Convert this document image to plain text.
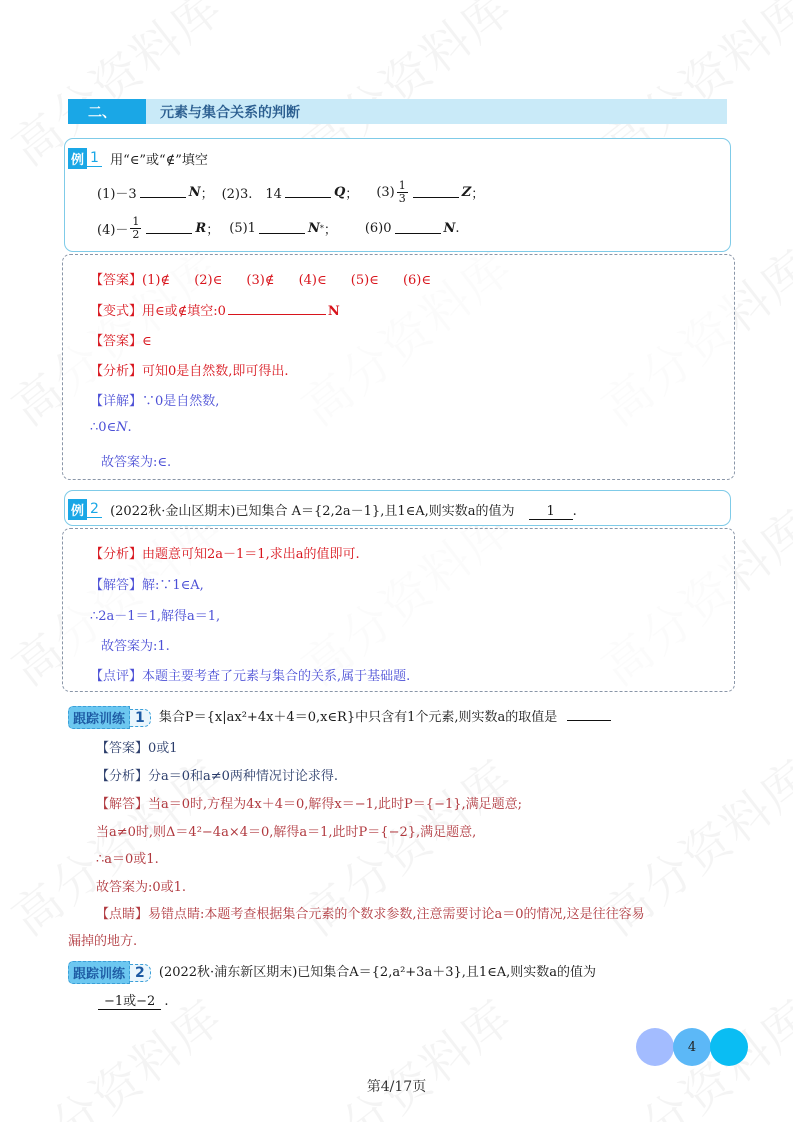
二、	元素与集合关系的判断
例 1 用“∈”或“∉”填空
(1)－3	N ； (2)3.　14	Q ； $(3) \frac{1}{3}$	Z ；
$(4)- \frac{1}{2}$	R ； (5)1	N * ； (6)0	N .
【答案】(1)∉ (2)∈ (3)∉ (4)∈ (5)∈ (6)∈
【变式】用∈或∉填空:0	N
【答案】∈
【分析】可知0是自然数,即可得出.
【详解】∵0是自然数,
∴0∈N.
故答案为:∈.
例 2 (2022秋·金山区期末)已知集合 A＝{2,2a－1},且1∈A,则实数a的值为 1 .
【分析】由题意可知2a－1＝1,求出a的值即可.
【解答】解:∵1∈A,
∴2a－1＝1,解得a＝1,
故答案为:1.
【点评】本题主要考查了元素与集合的关系,属于基础题.
跟踪训练 1	集合P＝{x|ax²+4x＋4＝0,x∈R}中只含有1个元素,则实数a的取值是
【答案】0或1
【分析】分a＝0和a≠0两种情况讨论求得.
【解答】当a＝0时,方程为4x＋4＝0,解得x＝−1,此时P＝{−1},满足题意;
当a≠0时,则Δ＝4²−4a×4＝0,解得a＝1,此时P＝{−2},满足题意,
∴a＝0或1.
故答案为:0或1.
【点睛】易错点睛:本题考查根据集合元素的个数求参数,注意需要讨论a＝0的情况,这是往往容易
漏掉的地方.
跟踪训练 2	(2022秋·浦东新区期末)已知集合A＝{2,a²+3a＋3},且1∈A,则实数a的值为
−1或−2 .
4
第4/17页
